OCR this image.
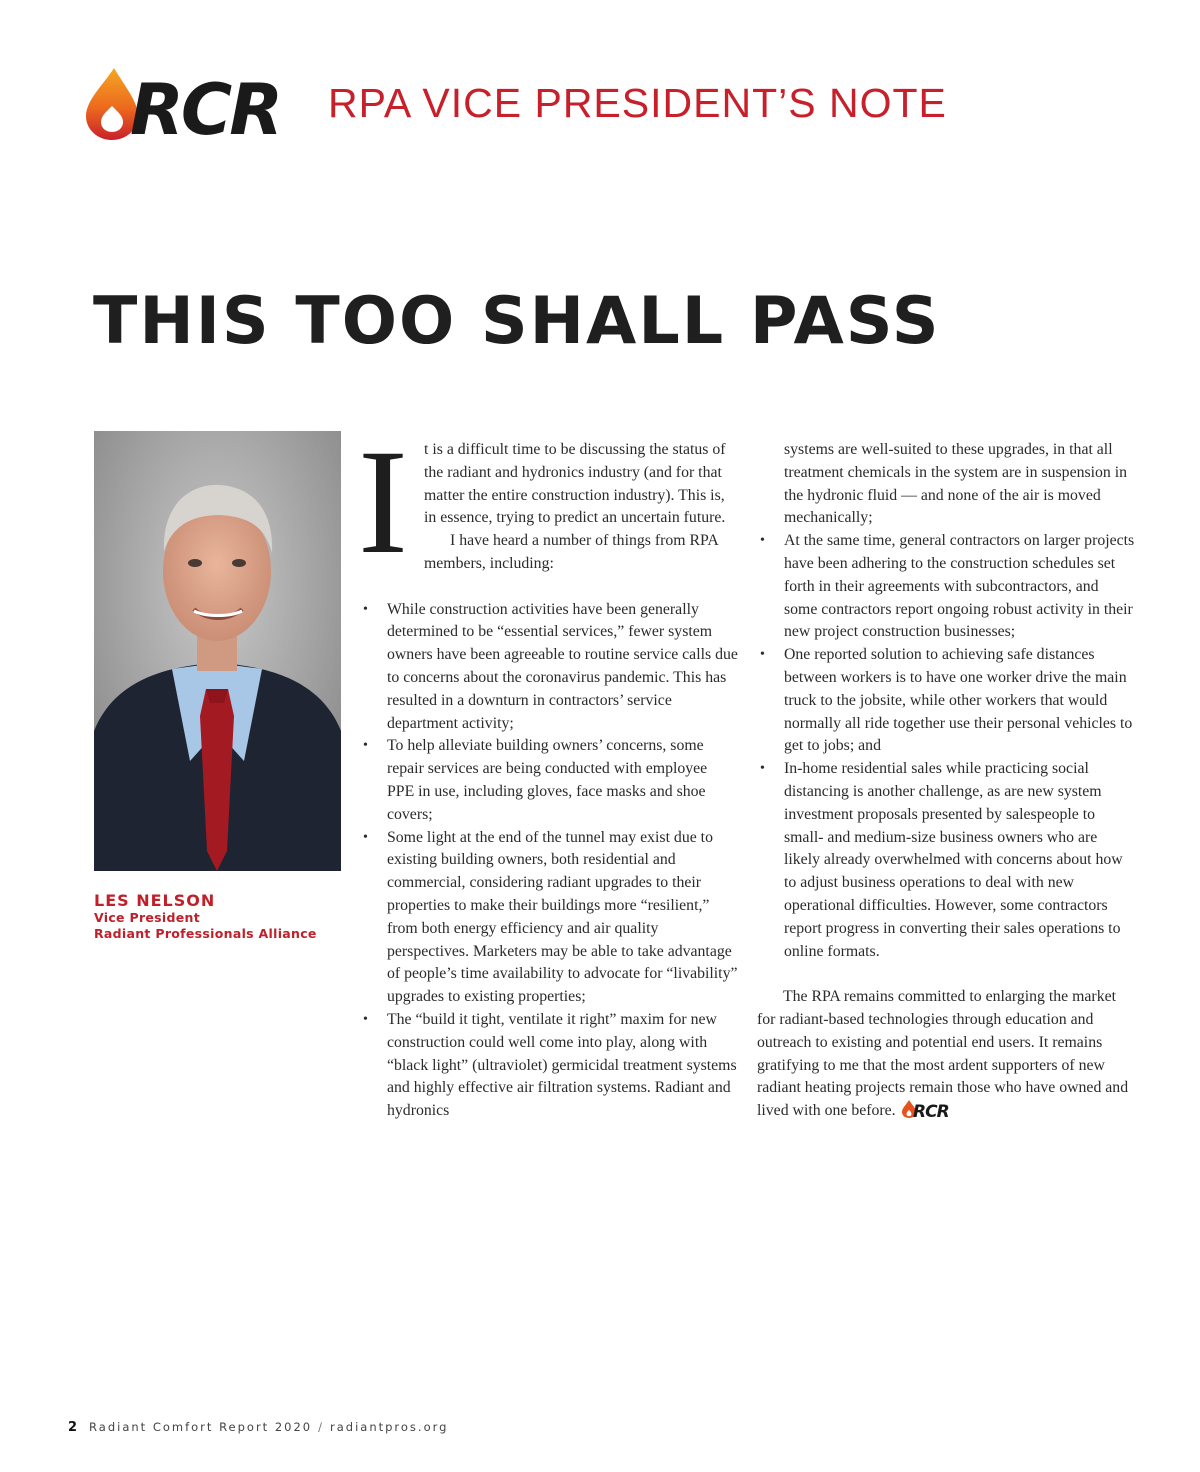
RCR RPA VICE PRESIDENT’S NOTE
THIS TOO SHALL PASS
LES NELSON
Vice President
Radiant Professionals Alliance

I	t is a difficult time to be discussing the status of the radiant and hydronics industry (and for that matter the entire construction industry). This is, in essence, trying to predict an uncertain future.

I have heard a number of things from RPA members, including:

• While construction activities have been generally determined to be “essential services,” fewer system owners have been agreeable to routine service calls due to concerns about the coronavirus pandemic. This has resulted in a downturn in contractors’ service department activity;
• To help alleviate building owners’ concerns, some repair services are being conducted with employee PPE in use, including gloves, face masks and shoe covers;
• Some light at the end of the tunnel may exist due to existing building owners, both residential and commercial, considering radiant upgrades to their properties to make their buildings more “resilient,” from both energy efficiency and air quality perspectives. Marketers may be able to take advantage of people’s time availability to advocate for “livability” upgrades to existing properties;
• The “build it tight, ventilate it right” maxim for new construction could well come into play, along with “black light” (ultraviolet) germicidal treatment systems and highly effective air filtration systems. Radiant and hydronics
systems are well-suited to these upgrades, in that all treatment chemicals in the system are in suspension in the hydronic fluid — and none of the air is moved mechanically;
• At the same time, general contractors on larger projects have been adhering to the construction schedules set forth in their agreements with subcontractors, and some contractors report ongoing robust activity in their new project construction businesses;
• One reported solution to achieving safe distances between workers is to have one worker drive the main truck to the jobsite, while other workers that would normally all ride together use their personal vehicles to get to jobs; and
• In-home residential sales while practicing social distancing is another challenge, as are new system investment proposals presented by salespeople to small- and medium-size business owners who are likely already overwhelmed with concerns about how to adjust business operations to deal with new operational difficulties. However, some contractors report progress in converting their sales operations to online formats.

The RPA remains committed to enlarging the market for radiant-based technologies through education and outreach to existing and potential end users. It remains gratifying to me that the most ardent supporters of new radiant heating projects remain those who have owned and lived with one before. RCR

2 Radiant Comfort Report 2020 / radiantpros.org
